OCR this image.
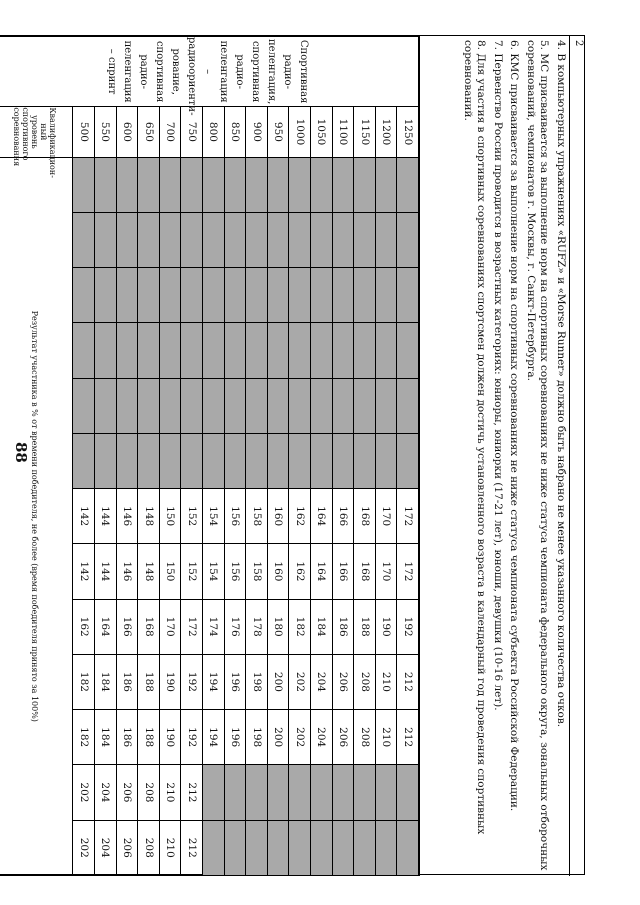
88
2

4. В компьютерных упражнениях «RUFZ» и «Morse Runner» должно быть набрано не менее указанного количества очков.

5. МС присваивается за выполнение норм на спортивных соревнованиях не ниже статуса чемпионата федерального округа, зональных отборочных соревнований, чемпионатов г. Москвы, г. Санкт-Петербурга.

6. КМС присваивается за выполнение норм на спортивных соревнованиях не ниже статуса чемпионата субъекта Российской Федерации.

7. Первенство России проводится в возрастных категориях: юниоры, юниорки (17-21 лет), юноши, девушки (10-16 лет).

8. Для участия в спортивных соревнованиях спортсмен должен достичь установленного возраста в календарный год проведения спортивных соревнований.

Спортивная радио-пеленгация, спортивная радио-пеленгация – радиоориенти-рование, спортивная радио-пеленгация – спринт	1250							172	172	192	212	212		
	1200							170	170	190	210	210		
	1150							168	168	188	208	208		
	1100							166	166	186	206	206		
	1050							164	164	184	204	204		
	1000							162	162	182	202	202		
	950							160	160	180	200	200		
	900							158	158	178	198	198		
	850							156	156	176	196	196		
	800							154	154	174	194	194		
	750							152	152	172	192	192	212	212
	700							150	150	170	190	190	210	210
	650							148	148	168	188	188	208	208
	600							146	146	166	186	186	206	206
	550							144	144	164	184	184	204	204
	500							142	142	162	182	182	202	202
	Квалификацион-ный уровень спортивного соревнования	Результат участника в % от времени победителя, не более (время победителя принято за 100%)												
